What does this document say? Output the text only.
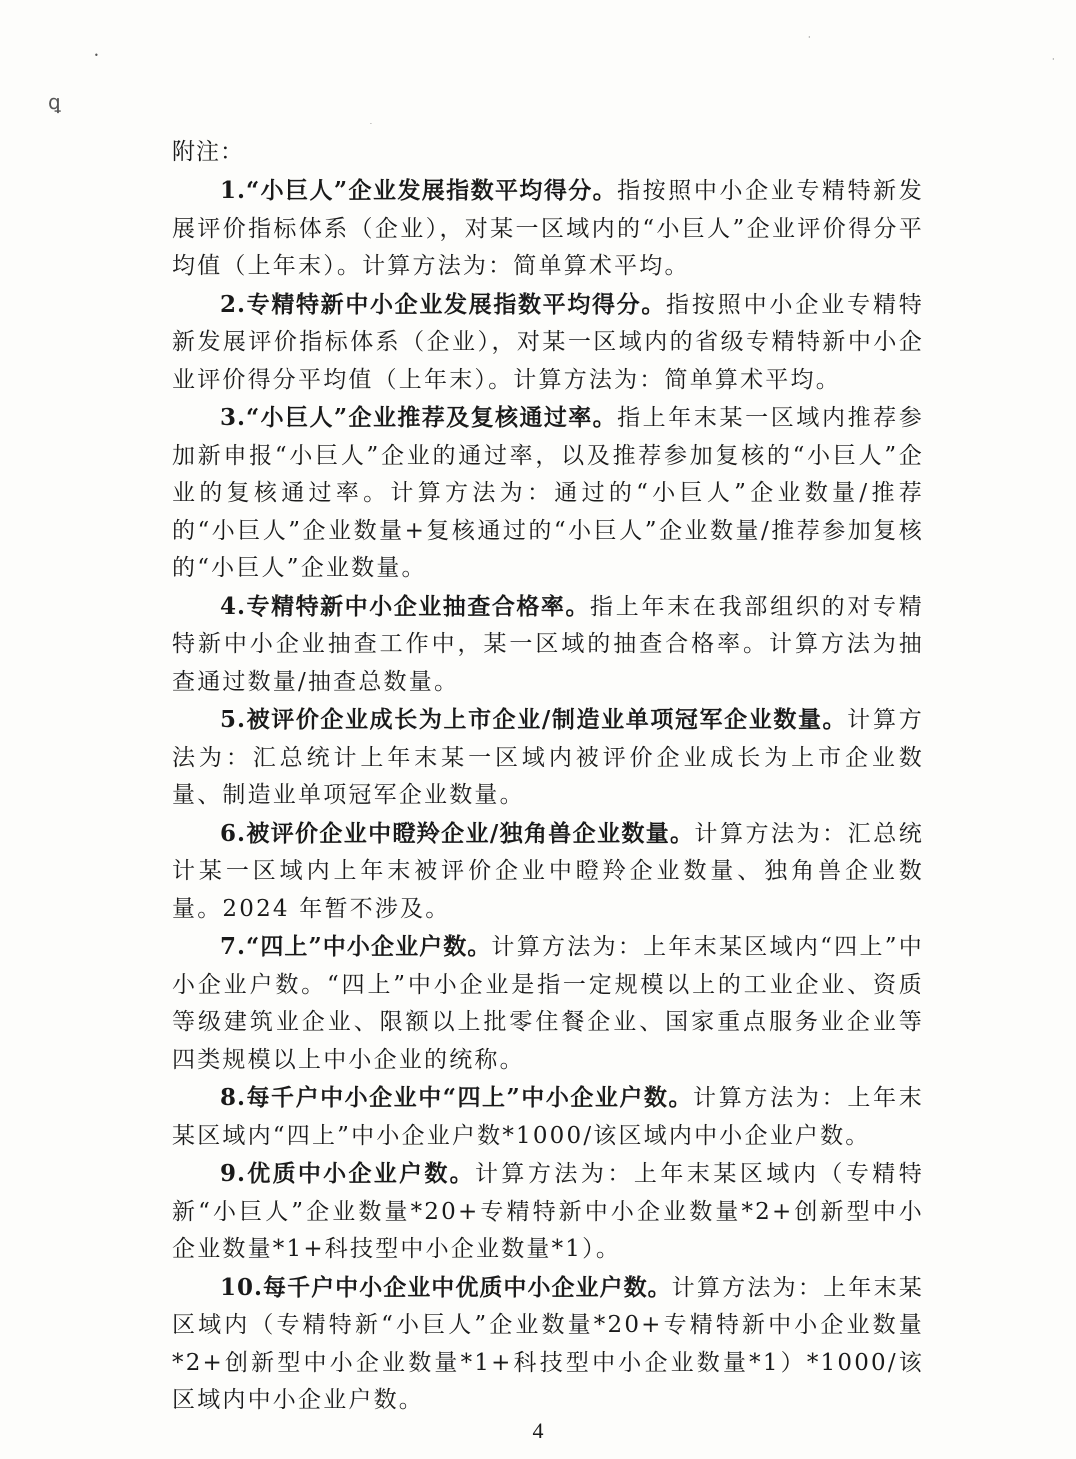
ꝗ
•
·
·
·

附注：

1.“小巨人”企业发展指数平均得分。指按照中小企业专精特新发展评价指标体系（企业），对某一区域内的“小巨人”企业评价得分平均值（上年末）。计算方法为：简单算术平均。

2.专精特新中小企业发展指数平均得分。指按照中小企业专精特新发展评价指标体系（企业），对某一区域内的省级专精特新中小企业评价得分平均值（上年末）。计算方法为：简单算术平均。

3.“小巨人”企业推荐及复核通过率。指上年末某一区域内推荐参加新申报“小巨人”企业的通过率，以及推荐参加复核的“小巨人”企业的复核通过率。计算方法为：通过的“小巨人”企业数量/推荐的“小巨人”企业数量+复核通过的“小巨人”企业数量/推荐参加复核的“小巨人”企业数量。

4.专精特新中小企业抽查合格率。指上年末在我部组织的对专精特新中小企业抽查工作中，某一区域的抽查合格率。计算方法为抽查通过数量/抽查总数量。

5.被评价企业成长为上市企业/制造业单项冠军企业数量。计算方法为：汇总统计上年末某一区域内被评价企业成长为上市企业数量、制造业单项冠军企业数量。

6.被评价企业中瞪羚企业/独角兽企业数量。计算方法为：汇总统计某一区域内上年末被评价企业中瞪羚企业数量、独角兽企业数量。2024 年暂不涉及。

7.“四上”中小企业户数。计算方法为：上年末某区域内“四上”中小企业户数。“四上”中小企业是指一定规模以上的工业企业、资质等级建筑业企业、限额以上批零住餐企业、国家重点服务业企业等四类规模以上中小企业的统称。

8.每千户中小企业中“四上”中小企业户数。计算方法为：上年末某区域内“四上”中小企业户数*1000/该区域内中小企业户数。

9.优质中小企业户数。计算方法为：上年末某区域内（专精特新“小巨人”企业数量*20+专精特新中小企业数量*2+创新型中小企业数量*1+科技型中小企业数量*1）。

10.每千户中小企业中优质中小企业户数。计算方法为：上年末某区域内（专精特新“小巨人”企业数量*20+专精特新中小企业数量*2+创新型中小企业数量*1+科技型中小企业数量*1）*1000/该区域内中小企业户数。

4
